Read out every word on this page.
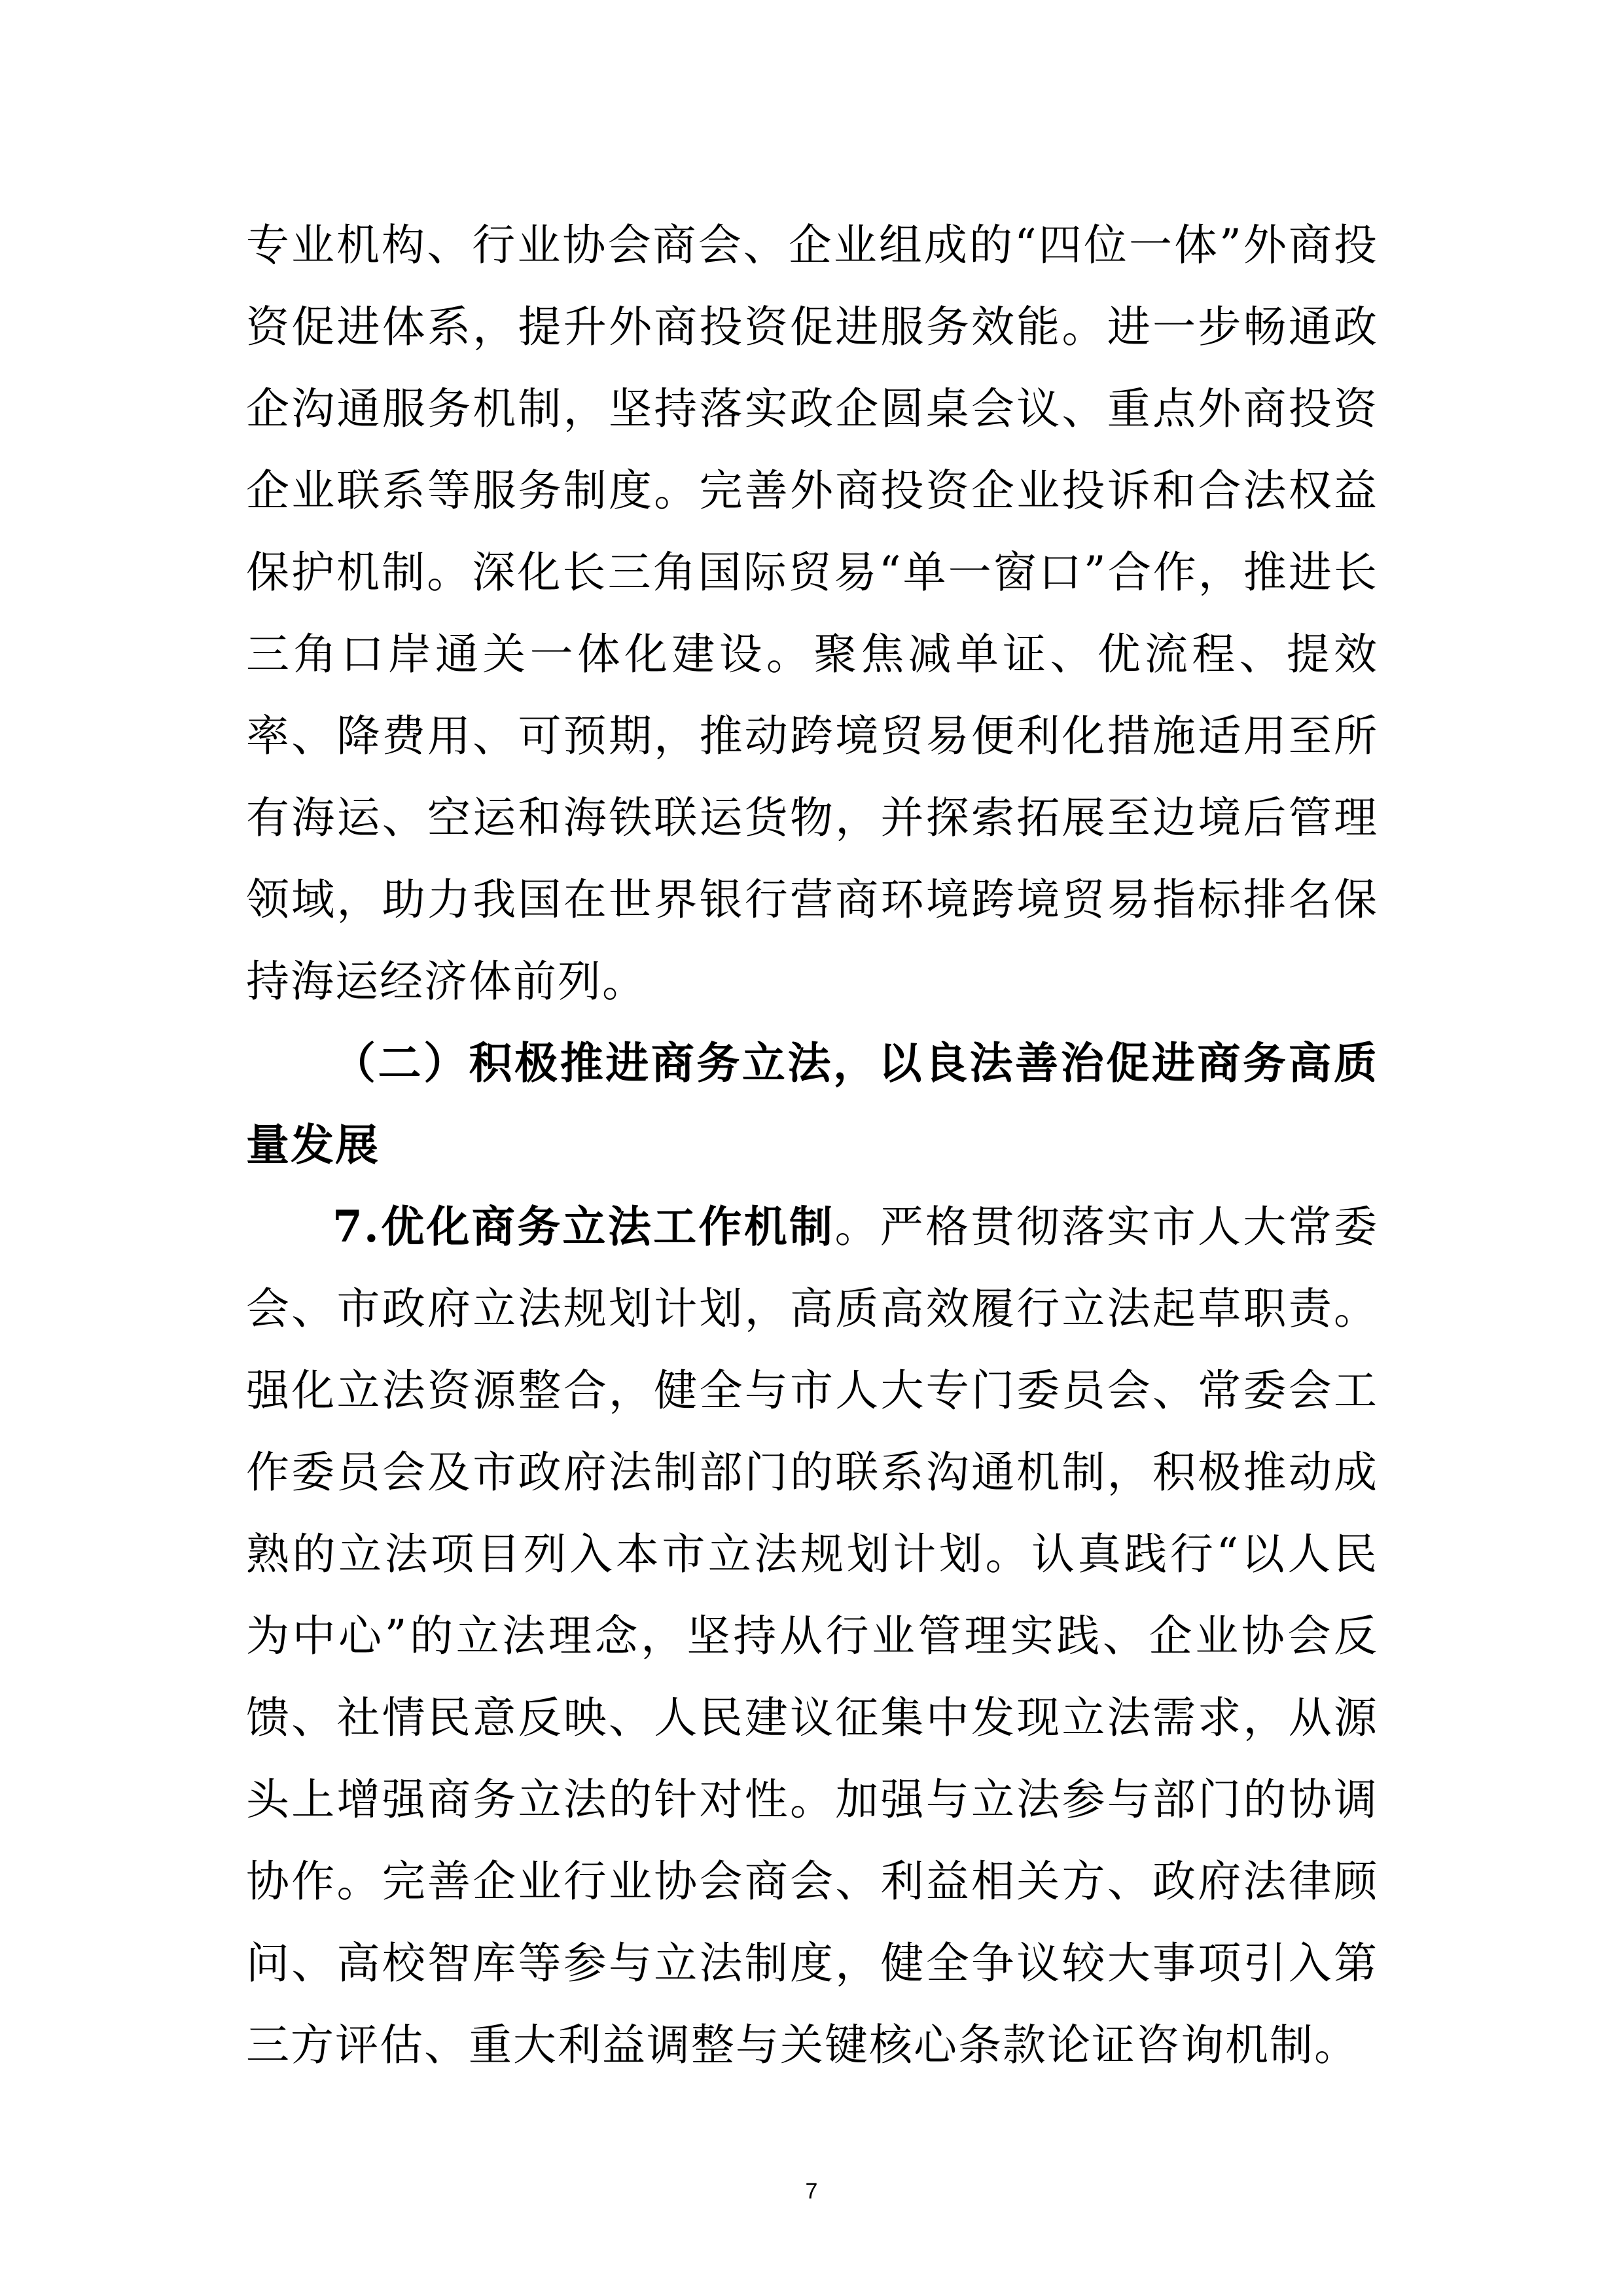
专业机构、行业协会商会、企业组成的“四位一体”外商投资促进体系，提升外商投资促进服务效能。进一步畅通政企沟通服务机制，坚持落实政企圆桌会议、重点外商投资企业联系等服务制度。完善外商投资企业投诉和合法权益保护机制。深化长三角国际贸易“单一窗口”合作，推进长三角口岸通关一体化建设。聚焦减单证、优流程、提效率、降费用、可预期，推动跨境贸易便利化措施适用至所有海运、空运和海铁联运货物，并探索拓展至边境后管理领域，助力我国在世界银行营商环境跨境贸易指标排名保持海运经济体前列。

（二）积极推进商务立法，以良法善治促进商务高质量发展

7.优化商务立法工作机制。严格贯彻落实市人大常委会、市政府立法规划计划，高质高效履行立法起草职责。强化立法资源整合，健全与市人大专门委员会、常委会工作委员会及市政府法制部门的联系沟通机制，积极推动成熟的立法项目列入本市立法规划计划。认真践行“以人民为中心”的立法理念，坚持从行业管理实践、企业协会反馈、社情民意反映、人民建议征集中发现立法需求，从源头上增强商务立法的针对性。加强与立法参与部门的协调协作。完善企业行业协会商会、利益相关方、政府法律顾问、高校智库等参与立法制度，健全争议较大事项引入第三方评估、重大利益调整与关键核心条款论证咨询机制。

7
